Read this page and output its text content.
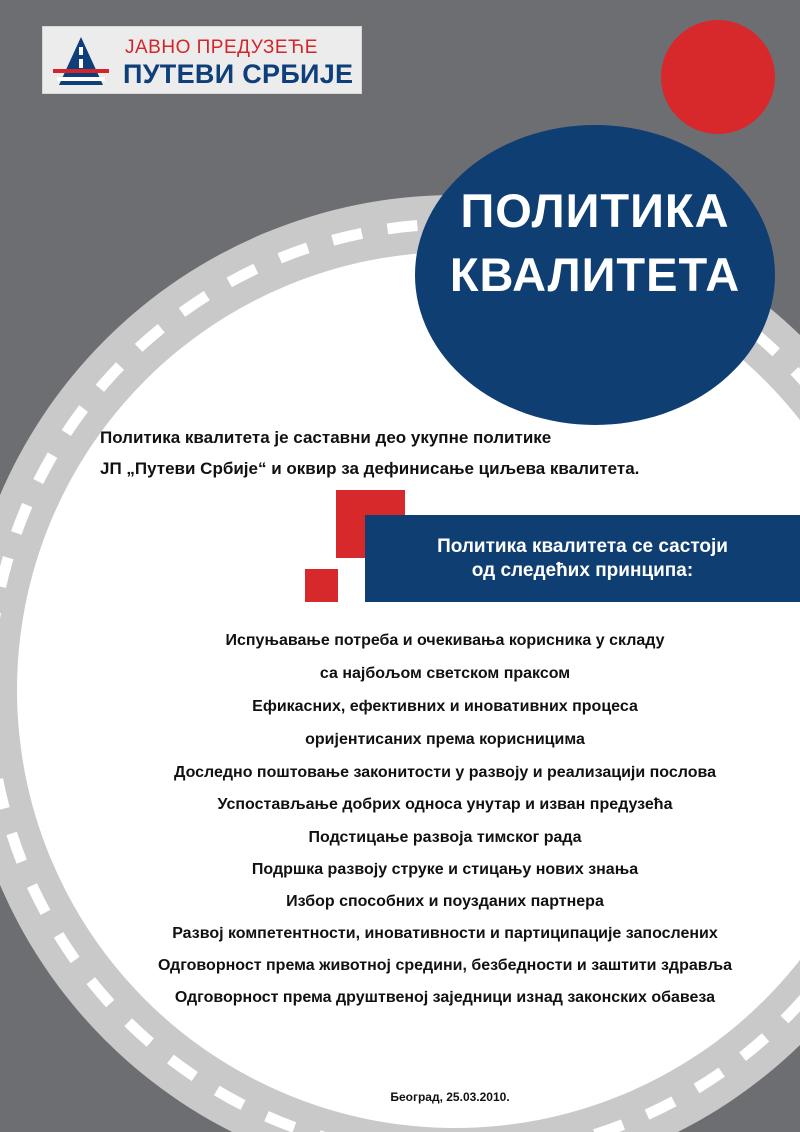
ЈАВНО ПРЕДУЗЕЋЕ
ПУТЕВИ СРБИЈЕ
ПОЛИТИКА
КВАЛИТЕТА
Политика квалитета је саставни део укупне политике
ЈП „Путеви Србије“ и оквир за дефинисање циљева квалитета.
Политика квалитета се састоји
од следећих принципа:
Испуњавање потреба и очекивања корисника у складу
са најбољом светском праксом
Ефикасних, ефективних и иновативних процеса
оријентисаних према корисницима
Доследно поштовање законитости у развоју и реализацији послова
Успостављање добрих односа унутар и изван предузећа
Подстицање развоја тимског рада
Подршка развоју струке и стицању нових знања
Избор способних и поузданих партнера
Развој компетентности, иновативности и партиципације запослених
Одговорност према животној средини, безбедности и заштити здравља
Одговорност према друштвеној заједници изнад законских обавеза
Београд, 25.03.2010.
